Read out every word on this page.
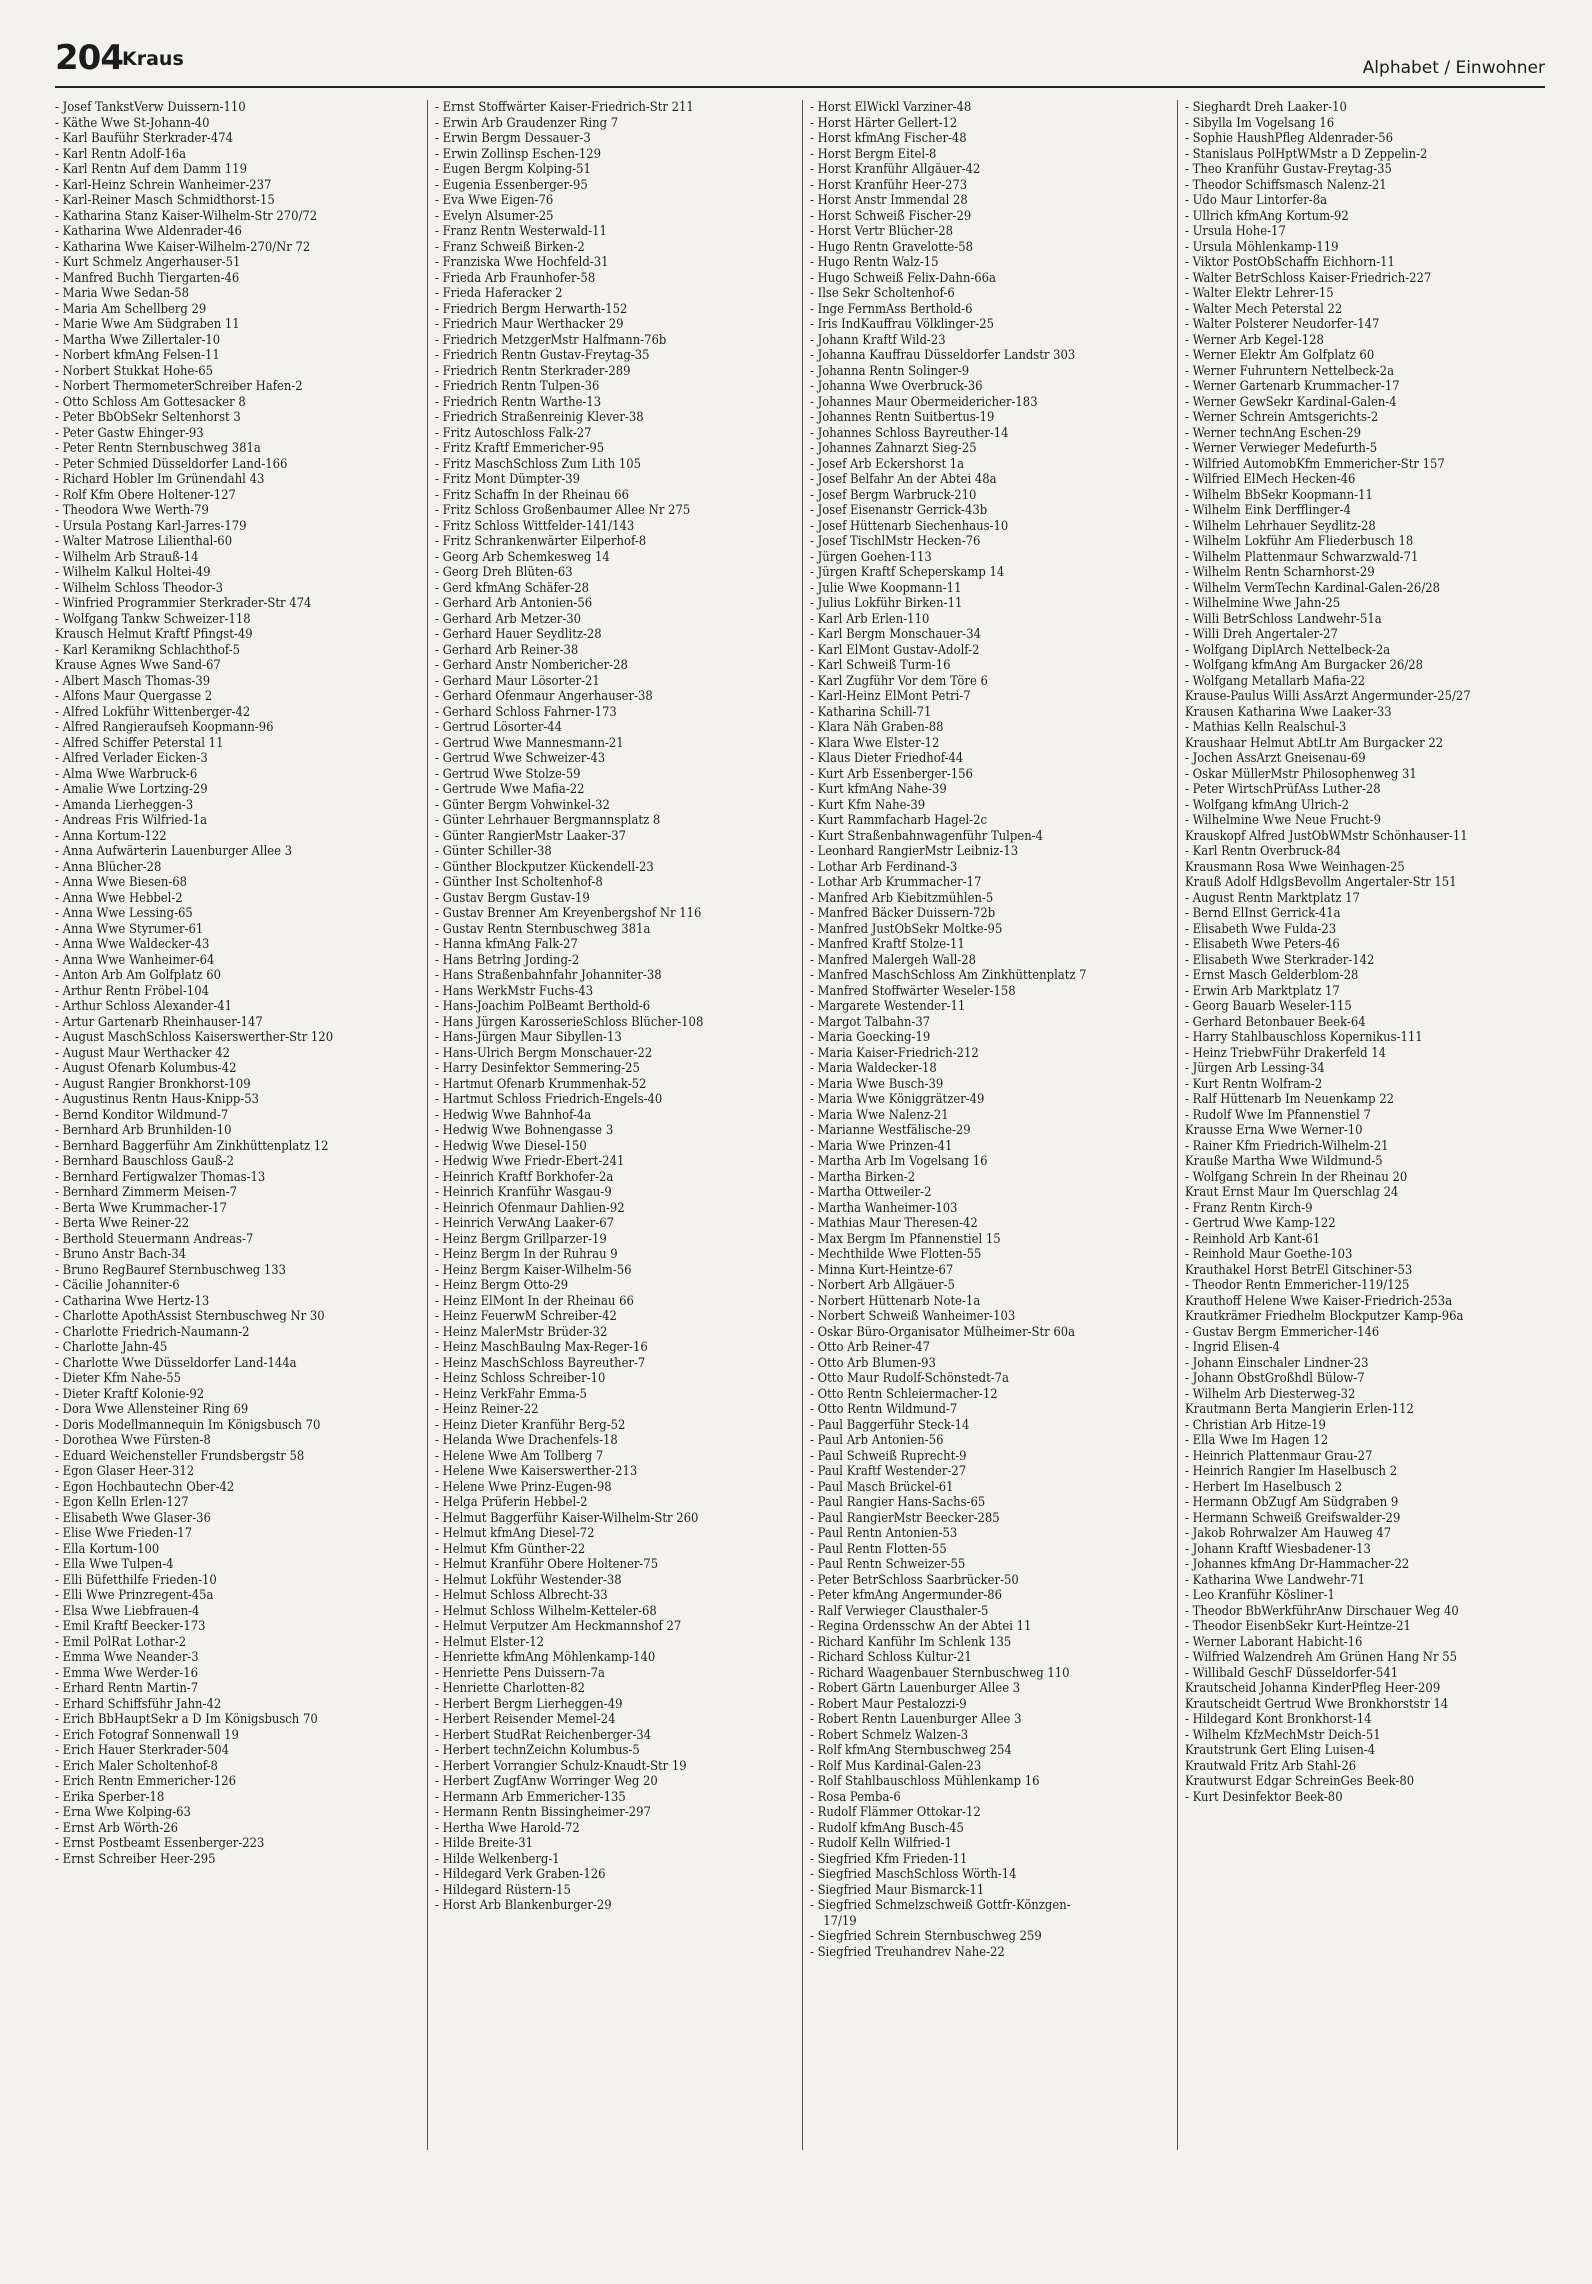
204 Kraus	Alphabet / Einwohner
- Josef TankstVerw Duissern-110
- Käthe Wwe St-Johann-40
- Karl Bauführ Sterkrader-474
- Karl Rentn Adolf-16a
- Karl Rentn Auf dem Damm 119
- Karl-Heinz Schrein Wanheimer-237
- Karl-Reiner Masch Schmidthorst-15
- Katharina Stanz Kaiser-Wilhelm-Str 270/72
- Katharina Wwe Aldenrader-46
- Katharina Wwe Kaiser-Wilhelm-270/Nr 72
- Kurt Schmelz Angerhauser-51
- Manfred Buchh Tiergarten-46
- Maria Wwe Sedan-58
- Maria Am Schellberg 29
- Marie Wwe Am Südgraben 11
- Martha Wwe Zillertaler-10
- Norbert kfmAng Felsen-11
- Norbert Stukkat Hohe-65
- Norbert ThermometerSchreiber Hafen-2
- Otto Schloss Am Gottesacker 8
- Peter BbObSekr Seltenhorst 3
- Peter Gastw Ehinger-93
- Peter Rentn Sternbuschweg 381a
- Peter Schmied Düsseldorfer Land-166
- Richard Hobler Im Grünendahl 43
- Rolf Kfm Obere Holtener-127
- Theodora Wwe Werth-79
- Ursula Postang Karl-Jarres-179
- Walter Matrose Lilienthal-60
- Wilhelm Arb Strauß-14
- Wilhelm Kalkul Holtei-49
- Wilhelm Schloss Theodor-3
- Winfried Programmier Sterkrader-Str 474
- Wolfgang Tankw Schweizer-118
Krausch Helmut Kraftf Pfingst-49
- Karl Keramikng Schlachthof-5
Krause Agnes Wwe Sand-67
- Albert Masch Thomas-39
- Alfons Maur Quergasse 2
- Alfred Lokführ Wittenberger-42
- Alfred Rangieraufseh Koopmann-96
- Alfred Schiffer Peterstal 11
- Alfred Verlader Eicken-3
- Alma Wwe Warbruck-6
- Amalie Wwe Lortzing-29
- Amanda Lierheggen-3
- Andreas Fris Wilfried-1a
- Anna Kortum-122
- Anna Aufwärterin Lauenburger Allee 3
- Anna Blücher-28
- Anna Wwe Biesen-68
- Anna Wwe Hebbel-2
- Anna Wwe Lessing-65
- Anna Wwe Styrumer-61
- Anna Wwe Waldecker-43
- Anna Wwe Wanheimer-64
- Anton Arb Am Golfplatz 60
- Arthur Rentn Fröbel-104
- Arthur Schloss Alexander-41
- Artur Gartenarb Rheinhauser-147
- August MaschSchloss Kaiserswerther-Str 120
- August Maur Werthacker 42
- August Ofenarb Kolumbus-42
- August Rangier Bronkhorst-109
- Augustinus Rentn Haus-Knipp-53
- Bernd Konditor Wildmund-7
- Bernhard Arb Brunhilden-10
- Bernhard Baggerführ Am Zinkhüttenplatz 12
- Bernhard Bauschloss Gauß-2
- Bernhard Fertigwalzer Thomas-13
- Bernhard Zimmerm Meisen-7
- Berta Wwe Krummacher-17
- Berta Wwe Reiner-22
- Berthold Steuermann Andreas-7
- Bruno Anstr Bach-34
- Bruno RegBauref Sternbuschweg 133
- Cäcilie Johanniter-6
- Catharina Wwe Hertz-13
- Charlotte ApothAssist Sternbuschweg Nr 30
- Charlotte Friedrich-Naumann-2
- Charlotte Jahn-45
- Charlotte Wwe Düsseldorfer Land-144a
- Dieter Kfm Nahe-55
- Dieter Kraftf Kolonie-92
- Dora Wwe Allensteiner Ring 69
- Doris Modellmannequin Im Königsbusch 70
- Dorothea Wwe Fürsten-8
- Eduard Weichensteller Frundsbergstr 58
- Egon Glaser Heer-312
- Egon Hochbautechn Ober-42
- Egon Kelln Erlen-127
- Elisabeth Wwe Glaser-36
- Elise Wwe Frieden-17
- Ella Kortum-100
- Ella Wwe Tulpen-4
- Elli Büfetthilfe Frieden-10
- Elli Wwe Prinzregent-45a
- Elsa Wwe Liebfrauen-4
- Emil Kraftf Beecker-173
- Emil PolRat Lothar-2
- Emma Wwe Neander-3
- Emma Wwe Werder-16
- Erhard Rentn Martin-7
- Erhard Schiffsführ Jahn-42
- Erich BbHauptSekr a D Im Königsbusch 70
- Erich Fotograf Sonnenwall 19
- Erich Hauer Sterkrader-504
- Erich Maler Scholtenhof-8
- Erich Rentn Emmericher-126
- Erika Sperber-18
- Erna Wwe Kolping-63
- Ernst Arb Wörth-26
- Ernst Postbeamt Essenberger-223
- Ernst Schreiber Heer-295
- Ernst Stoffwärter Kaiser-Friedrich-Str 211
- Erwin Arb Graudenzer Ring 7
- Erwin Bergm Dessauer-3
- Erwin Zollinsp Eschen-129
- Eugen Bergm Kolping-51
- Eugenia Essenberger-95
- Eva Wwe Eigen-76
- Evelyn Alsumer-25
- Franz Rentn Westerwald-11
- Franz Schweiß Birken-2
- Franziska Wwe Hochfeld-31
- Frieda Arb Fraunhofer-58
- Frieda Haferacker 2
- Friedrich Bergm Herwarth-152
- Friedrich Maur Werthacker 29
- Friedrich MetzgerMstr Halfmann-76b
- Friedrich Rentn Gustav-Freytag-35
- Friedrich Rentn Sterkrader-289
- Friedrich Rentn Tulpen-36
- Friedrich Rentn Warthe-13
- Friedrich Straßenreinig Klever-38
- Fritz Autoschloss Falk-27
- Fritz Kraftf Emmericher-95
- Fritz MaschSchloss Zum Lith 105
- Fritz Mont Dümpter-39
- Fritz Schaffn In der Rheinau 66
- Fritz Schloss Großenbaumer Allee Nr 275
- Fritz Schloss Wittfelder-141/143
- Fritz Schrankenwärter Eilperhof-8
- Georg Arb Schemkesweg 14
- Georg Dreh Blüten-63
- Gerd kfmAng Schäfer-28
- Gerhard Arb Antonien-56
- Gerhard Arb Metzer-30
- Gerhard Hauer Seydlitz-28
- Gerhard Arb Reiner-38
- Gerhard Anstr Nombericher-28
- Gerhard Maur Lösorter-21
- Gerhard Ofenmaur Angerhauser-38
- Gerhard Schloss Fahrner-173
- Gertrud Lösorter-44
- Gertrud Wwe Mannesmann-21
- Gertrud Wwe Schweizer-43
- Gertrud Wwe Stolze-59
- Gertrude Wwe Mafia-22
- Günter Bergm Vohwinkel-32
- Günter Lehrhauer Bergmannsplatz 8
- Günter RangierMstr Laaker-37
- Günter Schiller-38
- Günther Blockputzer Kückendell-23
- Günther Inst Scholtenhof-8
- Gustav Bergm Gustav-19
- Gustav Brenner Am Kreyenbergshof Nr 116
- Gustav Rentn Sternbuschweg 381a
- Hanna kfmAng Falk-27
- Hans Betrlng Jording-2
- Hans Straßenbahnfahr Johanniter-38
- Hans WerkMstr Fuchs-43
- Hans-Joachim PolBeamt Berthold-6
- Hans Jürgen KarosserieSchloss Blücher-108
- Hans-Jürgen Maur Sibyllen-13
- Hans-Ulrich Bergm Monschauer-22
- Harry Desinfektor Semmering-25
- Hartmut Ofenarb Krummenhak-52
- Hartmut Schloss Friedrich-Engels-40
- Hedwig Wwe Bahnhof-4a
- Hedwig Wwe Bohnengasse 3
- Hedwig Wwe Diesel-150
- Hedwig Wwe Friedr-Ebert-241
- Heinrich Kraftf Borkhofer-2a
- Heinrich Kranführ Wasgau-9
- Heinrich Ofenmaur Dahlien-92
- Heinrich VerwAng Laaker-67
- Heinz Bergm Grillparzer-19
- Heinz Bergm In der Ruhrau 9
- Heinz Bergm Kaiser-Wilhelm-56
- Heinz Bergm Otto-29
- Heinz ElMont In der Rheinau 66
- Heinz FeuerwM Schreiber-42
- Heinz MalerMstr Brüder-32
- Heinz MaschBaulng Max-Reger-16
- Heinz MaschSchloss Bayreuther-7
- Heinz Schloss Schreiber-10
- Heinz VerkFahr Emma-5
- Heinz Reiner-22
- Heinz Dieter Kranführ Berg-52
- Helanda Wwe Drachenfels-18
- Helene Wwe Am Tollberg 7
- Helene Wwe Kaiserswerther-213
- Helene Wwe Prinz-Eugen-98
- Helga Prüferin Hebbel-2
- Helmut Baggerführ Kaiser-Wilhelm-Str 260
- Helmut kfmAng Diesel-72
- Helmut Kfm Günther-22
- Helmut Kranführ Obere Holtener-75
- Helmut Lokführ Westender-38
- Helmut Schloss Albrecht-33
- Helmut Schloss Wilhelm-Ketteler-68
- Helmut Verputzer Am Heckmannshof 27
- Helmut Elster-12
- Henriette kfmAng Möhlenkamp-140
- Henriette Pens Duissern-7a
- Henriette Charlotten-82
- Herbert Bergm Lierheggen-49
- Herbert Reisender Memel-24
- Herbert StudRat Reichenberger-34
- Herbert technZeichn Kolumbus-5
- Herbert Vorrangier Schulz-Knaudt-Str 19
- Herbert ZugfAnw Worringer Weg 20
- Hermann Arb Emmericher-135
- Hermann Rentn Bissingheimer-297
- Hertha Wwe Harold-72
- Hilde Breite-31
- Hilde Welkenberg-1
- Hildegard Verk Graben-126
- Hildegard Rüstern-15
- Horst Arb Blankenburger-29
- Horst ElWickl Varziner-48
- Horst Härter Gellert-12
- Horst kfmAng Fischer-48
- Horst Bergm Eitel-8
- Horst Kranführ Allgäuer-42
- Horst Kranführ Heer-273
- Horst Anstr Immendal 28
- Horst Schweiß Fischer-29
- Horst Vertr Blücher-28
- Hugo Rentn Gravelotte-58
- Hugo Rentn Walz-15
- Hugo Schweiß Felix-Dahn-66a
- Ilse Sekr Scholtenhof-6
- Inge FernmAss Berthold-6
- Iris IndKauffrau Völklinger-25
- Johann Kraftf Wild-23
- Johanna Kauffrau Düsseldorfer Landstr 303
- Johanna Rentn Solinger-9
- Johanna Wwe Overbruck-36
- Johannes Maur Obermeidericher-183
- Johannes Rentn Suitbertus-19
- Johannes Schloss Bayreuther-14
- Johannes Zahnarzt Sieg-25
- Josef Arb Eckershorst 1a
- Josef Belfahr An der Abtei 48a
- Josef Bergm Warbruck-210
- Josef Eisenanstr Gerrick-43b
- Josef Hüttenarb Siechenhaus-10
- Josef TischlMstr Hecken-76
- Jürgen Goehen-113
- Jürgen Kraftf Scheperskamp 14
- Julie Wwe Koopmann-11
- Julius Lokführ Birken-11
- Karl Arb Erlen-110
- Karl Bergm Monschauer-34
- Karl ElMont Gustav-Adolf-2
- Karl Schweiß Turm-16
- Karl Zugführ Vor dem Töre 6
- Karl-Heinz ElMont Petri-7
- Katharina Schill-71
- Klara Näh Graben-88
- Klara Wwe Elster-12
- Klaus Dieter Friedhof-44
- Kurt Arb Essenberger-156
- Kurt kfmAng Nahe-39
- Kurt Kfm Nahe-39
- Kurt Rammfacharb Hagel-2c
- Kurt Straßenbahnwagenführ Tulpen-4
- Leonhard RangierMstr Leibniz-13
- Lothar Arb Ferdinand-3
- Lothar Arb Krummacher-17
- Manfred Arb Kiebitzmühlen-5
- Manfred Bäcker Duissern-72b
- Manfred JustObSekr Moltke-95
- Manfred Kraftf Stolze-11
- Manfred Malergeh Wall-28
- Manfred MaschSchloss Am Zinkhüttenplatz 7
- Manfred Stoffwärter Weseler-158
- Margarete Westender-11
- Margot Talbahn-37
- Maria Goecking-19
- Maria Kaiser-Friedrich-212
- Maria Waldecker-18
- Maria Wwe Busch-39
- Maria Wwe Königgrätzer-49
- Maria Wwe Nalenz-21
- Marianne Westfälische-29
- Maria Wwe Prinzen-41
- Martha Arb Im Vogelsang 16
- Martha Birken-2
- Martha Ottweiler-2
- Martha Wanheimer-103
- Mathias Maur Theresen-42
- Max Bergm Im Pfannenstiel 15
- Mechthilde Wwe Flotten-55
- Minna Kurt-Heintze-67
- Norbert Arb Allgäuer-5
- Norbert Hüttenarb Note-1a
- Norbert Schweiß Wanheimer-103
- Oskar Büro-Organisator Mülheimer-Str 60a
- Otto Arb Reiner-47
- Otto Arb Blumen-93
- Otto Maur Rudolf-Schönstedt-7a
- Otto Rentn Schleiermacher-12
- Otto Rentn Wildmund-7
- Paul Baggerführ Steck-14
- Paul Arb Antonien-56
- Paul Schweiß Ruprecht-9
- Paul Kraftf Westender-27
- Paul Masch Brückel-61
- Paul Rangier Hans-Sachs-65
- Paul RangierMstr Beecker-285
- Paul Rentn Antonien-53
- Paul Rentn Flotten-55
- Paul Rentn Schweizer-55
- Peter BetrSchloss Saarbrücker-50
- Peter kfmAng Angermunder-86
- Ralf Verwieger Clausthaler-5
- Regina Ordensschw An der Abtei 11
- Richard Kanführ Im Schlenk 135
- Richard Schloss Kultur-21
- Richard Waagenbauer Sternbuschweg 110
- Robert Gärtn Lauenburger Allee 3
- Robert Maur Pestalozzi-9
- Robert Rentn Lauenburger Allee 3
- Robert Schmelz Walzen-3
- Rolf kfmAng Sternbuschweg 254
- Rolf Mus Kardinal-Galen-23
- Rolf Stahlbauschloss Mühlenkamp 16
- Rosa Pemba-6
- Rudolf Flämmer Ottokar-12
- Rudolf kfmAng Busch-45
- Rudolf Kelln Wilfried-1
- Siegfried Kfm Frieden-11
- Siegfried MaschSchloss Wörth-14
- Siegfried Maur Bismarck-11
- Siegfried Schmelzschweiß Gottfr-Könzgen-17/19
- Siegfried Schrein Sternbuschweg 259
- Siegfried Treuhandrev Nahe-22
- Sieghardt Dreh Laaker-10
- Sibylla Im Vogelsang 16
- Sophie HaushPfleg Aldenrader-56
- Stanislaus PolHptWMstr a D Zeppelin-2
- Theo Kranführ Gustav-Freytag-35
- Theodor Schiffsmasch Nalenz-21
- Udo Maur Lintorfer-8a
- Ullrich kfmAng Kortum-92
- Ursula Hohe-17
- Ursula Möhlenkamp-119
- Viktor PostObSchaffn Eichhorn-11
- Walter BetrSchloss Kaiser-Friedrich-227
- Walter Elektr Lehrer-15
- Walter Mech Peterstal 22
- Walter Polsterer Neudorfer-147
- Werner Arb Kegel-128
- Werner Elektr Am Golfplatz 60
- Werner Fuhruntern Nettelbeck-2a
- Werner Gartenarb Krummacher-17
- Werner GewSekr Kardinal-Galen-4
- Werner Schrein Amtsgerichts-2
- Werner technAng Eschen-29
- Werner Verwieger Medefurth-5
- Wilfried AutomobKfm Emmericher-Str 157
- Wilfried ElMech Hecken-46
- Wilhelm BbSekr Koopmann-11
- Wilhelm Eink Derfflinger-4
- Wilhelm Lehrhauer Seydlitz-28
- Wilhelm Lokführ Am Fliederbusch 18
- Wilhelm Plattenmaur Schwarzwald-71
- Wilhelm Rentn Scharnhorst-29
- Wilhelm VermTechn Kardinal-Galen-26/28
- Wilhelmine Wwe Jahn-25
- Willi BetrSchloss Landwehr-51a
- Willi Dreh Angertaler-27
- Wolfgang DiplArch Nettelbeck-2a
- Wolfgang kfmAng Am Burgacker 26/28
- Wolfgang Metallarb Mafia-22
Krause-Paulus Willi AssArzt Angermunder-25/27
Krausen Katharina Wwe Laaker-33
- Mathias Kelln Realschul-3
Kraushaar Helmut AbtLtr Am Burgacker 22
- Jochen AssArzt Gneisenau-69
- Oskar MüllerMstr Philosophenweg 31
- Peter WirtschPrüfAss Luther-28
- Wolfgang kfmAng Ulrich-2
- Wilhelmine Wwe Neue Frucht-9
Krauskopf Alfred JustObWMstr Schönhauser-11
- Karl Rentn Overbruck-84
Krausmann Rosa Wwe Weinhagen-25
Krauß Adolf HdlgsBevollm Angertaler-Str 151
- August Rentn Marktplatz 17
- Bernd ElInst Gerrick-41a
- Elisabeth Wwe Fulda-23
- Elisabeth Wwe Peters-46
- Elisabeth Wwe Sterkrader-142
- Ernst Masch Gelderblom-28
- Erwin Arb Marktplatz 17
- Georg Bauarb Weseler-115
- Gerhard Betonbauer Beek-64
- Harry Stahlbauschloss Kopernikus-111
- Heinz TriebwFühr Drakerfeld 14
- Jürgen Arb Lessing-34
- Kurt Rentn Wolfram-2
- Ralf Hüttenarb Im Neuenkamp 22
- Rudolf Wwe Im Pfannenstiel 7
Krausse Erna Wwe Werner-10
- Rainer Kfm Friedrich-Wilhelm-21
Krauße Martha Wwe Wildmund-5
- Wolfgang Schrein In der Rheinau 20
Kraut Ernst Maur Im Querschlag 24
- Franz Rentn Kirch-9
- Gertrud Wwe Kamp-122
- Reinhold Arb Kant-61
- Reinhold Maur Goethe-103
Krauthakel Horst BetrEl Gitschiner-53
- Theodor Rentn Emmericher-119/125
Krauthoff Helene Wwe Kaiser-Friedrich-253a
Krautkrämer Friedhelm Blockputzer Kamp-96a
- Gustav Bergm Emmericher-146
- Ingrid Elisen-4
- Johann Einschaler Lindner-23
- Johann ObstGroßhdl Bülow-7
- Wilhelm Arb Diesterweg-32
Krautmann Berta Mangierin Erlen-112
- Christian Arb Hitze-19
- Ella Wwe Im Hagen 12
- Heinrich Plattenmaur Grau-27
- Heinrich Rangier Im Haselbusch 2
- Herbert Im Haselbusch 2
- Hermann ObZugf Am Südgraben 9
- Hermann Schweiß Greifswalder-29
- Jakob Rohrwalzer Am Hauweg 47
- Johann Kraftf Wiesbadener-13
- Johannes kfmAng Dr-Hammacher-22
- Katharina Wwe Landwehr-71
- Leo Kranführ Kösliner-1
- Theodor BbWerkführAnw Dirschauer Weg 40
- Theodor EisenbSekr Kurt-Heintze-21
- Werner Laborant Habicht-16
- Wilfried Walzendreh Am Grünen Hang Nr 55
- Willibald GeschF Düsseldorfer-541
Krautscheid Johanna KinderPfleg Heer-209
Krautscheidt Gertrud Wwe Bronkhorststr 14
- Hildegard Kont Bronkhorst-14
- Wilhelm KfzMechMstr Deich-51
Krautstrunk Gert Eling Luisen-4
Krautwald Fritz Arb Stahl-26
Krautwurst Edgar SchreinGes Beek-80
- Kurt Desinfektor Beek-80
